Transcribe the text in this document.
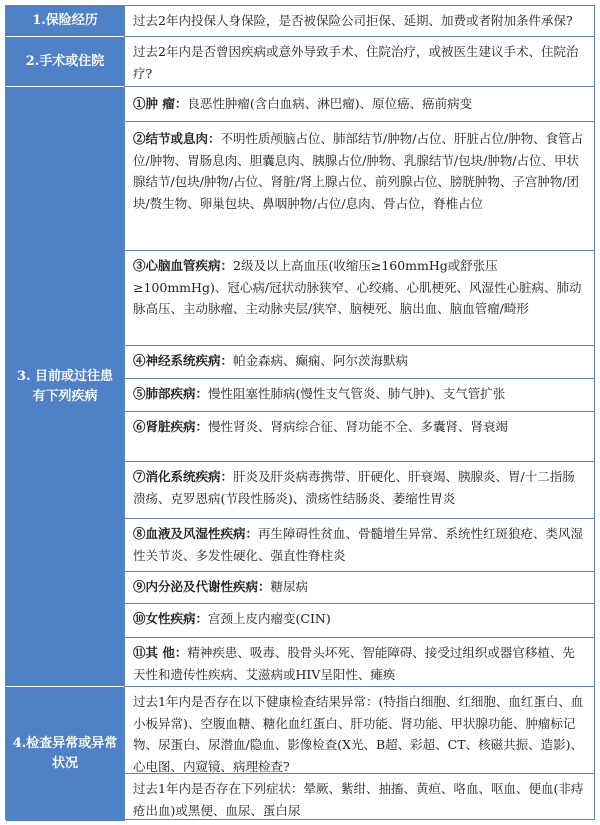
1.保险经历	过去2年内投保人身保险，是否被保险公司拒保、延期、加费或者附加条件承保?
2.手术或住院
过去2年内是否曾因疾病或意外导致手术、住院治疗，或被医生建议手术、住院治疗?
3. 目前或过往患有下列疾病
①肿 瘤：良恶性肿瘤(含白血病、淋巴瘤)、原位癌、癌前病变
②结节或息肉：不明性质颅脑占位、肺部结节/肿物/占位、肝脏占位/肿物、食管占位/肿物、胃肠息肉、胆囊息肉、胰腺占位/肿物、乳腺结节/包块/肿物/占位、甲状腺结节/包块/肿物/占位、肾脏/肾上腺占位、前列腺占位、膀胱肿物、子宫肿物/团块/赘生物、卵巢包块、鼻咽肿物/占位/息肉、骨占位，脊椎占位
③心脑血管疾病：2级及以上高血压(收缩压≥160mmHg或舒张压≥100mmHg)、冠心病/冠状动脉狭窄、心绞痛、心肌梗死、风湿性心脏病、肺动脉高压、主动脉瘤、主动脉夹层/狭窄、脑梗死、脑出血、脑血管瘤/畸形
④神经系统疾病：帕金森病、癫痫、阿尔茨海默病
⑤肺部疾病：慢性阻塞性肺病(慢性支气管炎、肺气肿)、支气管扩张
⑥肾脏疾病：慢性肾炎、肾病综合征、肾功能不全、多囊肾、肾衰竭
⑦消化系统疾病：肝炎及肝炎病毒携带、肝硬化、肝衰竭、胰腺炎、胃/十二指肠溃疡、克罗恩病(节段性肠炎)、溃疡性结肠炎、萎缩性胃炎
⑧血液及风湿性疾病：再生障碍性贫血、骨髓增生异常、系统性红斑狼疮、类风湿性关节炎、多发性硬化、强直性脊柱炎
⑨内分泌及代谢性疾病：糖尿病
⑩女性疾病：宫颈上皮内瘤变(CIN)
⑪其 他：精神疾患、吸毒、股骨头坏死、智能障碍、接受过组织或器官移植、先天性和遗传性疾病、艾滋病或HIV呈阳性、瘫痪
4.检查异常或异常状况
过去1年内是否存在以下健康检查结果异常：(特指白细胞、红细胞、血红蛋白、血小板异常)、空腹血糖、糖化血红蛋白、肝功能、肾功能、甲状腺功能、肿瘤标记物、尿蛋白、尿潜血/隐血、影像检查(X光、B超、彩超、CT、核磁共振、造影)、心电图、内窥镜、病理检查?
过去1年内是否存在下列症状：晕厥、紫绀、抽搐、黄疸、咯血、呕血、便血(非痔疮出血)或黑便、血尿、蛋白尿
